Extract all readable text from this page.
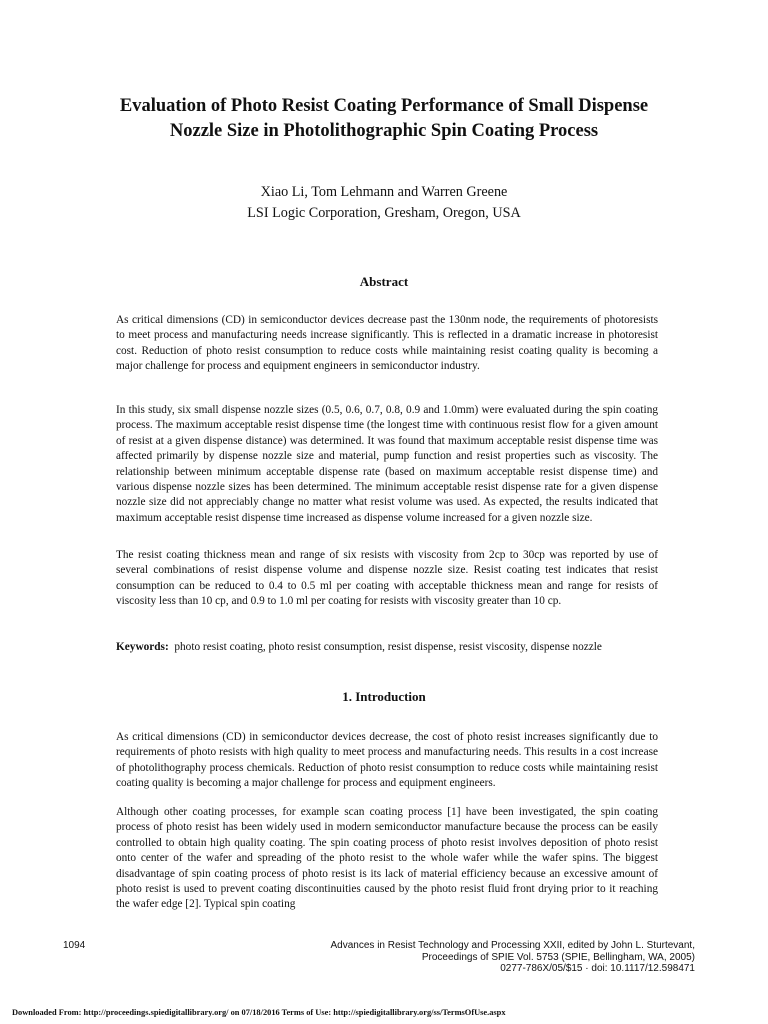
Evaluation of Photo Resist Coating Performance of Small Dispense Nozzle Size in Photolithographic Spin Coating Process
Xiao Li, Tom Lehmann and Warren Greene
LSI Logic Corporation, Gresham, Oregon, USA
Abstract

As critical dimensions (CD) in semiconductor devices decrease past the 130nm node, the requirements of photoresists to meet process and manufacturing needs increase significantly. This is reflected in a dramatic increase in photoresist cost. Reduction of photo resist consumption to reduce costs while maintaining resist coating quality is becoming a major challenge for process and equipment engineers in semiconductor industry.

In this study, six small dispense nozzle sizes (0.5, 0.6, 0.7, 0.8, 0.9 and 1.0mm) were evaluated during the spin coating process. The maximum acceptable resist dispense time (the longest time with continuous resist flow for a given amount of resist at a given dispense distance) was determined. It was found that maximum acceptable resist dispense time was affected primarily by dispense nozzle size and material, pump function and resist properties such as viscosity. The relationship between minimum acceptable dispense rate (based on maximum acceptable resist dispense time) and various dispense nozzle sizes has been determined. The minimum acceptable resist dispense rate for a given dispense nozzle size did not appreciably change no matter what resist volume was used. As expected, the results indicated that maximum acceptable resist dispense time increased as dispense volume increased for a given nozzle size.

The resist coating thickness mean and range of six resists with viscosity from 2cp to 30cp was reported by use of several combinations of resist dispense volume and dispense nozzle size. Resist coating test indicates that resist consumption can be reduced to 0.4 to 0.5 ml per coating with acceptable thickness mean and range for resists of viscosity less than 10 cp, and 0.9 to 1.0 ml per coating for resists with viscosity greater than 10 cp.

Keywords: photo resist coating, photo resist consumption, resist dispense, resist viscosity, dispense nozzle

1. Introduction

As critical dimensions (CD) in semiconductor devices decrease, the cost of photo resist increases significantly due to requirements of photo resists with high quality to meet process and manufacturing needs. This results in a cost increase of photolithography process chemicals. Reduction of photo resist consumption to reduce costs while maintaining resist coating quality is becoming a major challenge for process and equipment engineers.

Although other coating processes, for example scan coating process [1] have been investigated, the spin coating process of photo resist has been widely used in modern semiconductor manufacture because the process can be easily controlled to obtain high quality coating. The spin coating process of photo resist involves deposition of photo resist onto center of the wafer and spreading of the photo resist to the whole wafer while the wafer spins. The biggest disadvantage of spin coating process of photo resist is its lack of material efficiency because an excessive amount of photo resist is used to prevent coating discontinuities caused by the photo resist fluid front drying prior to it reaching the wafer edge [2]. Typical spin coating

1094	Advances in Resist Technology and Processing XXII, edited by John L. Sturtevant,
Proceedings of SPIE Vol. 5753 (SPIE, Bellingham, WA, 2005)
0277-786X/05/$15 · doi: 10.1117/12.598471
Downloaded From: http://proceedings.spiedigitallibrary.org/ on 07/18/2016 Terms of Use: http://spiedigitallibrary.org/ss/TermsOfUse.aspx
